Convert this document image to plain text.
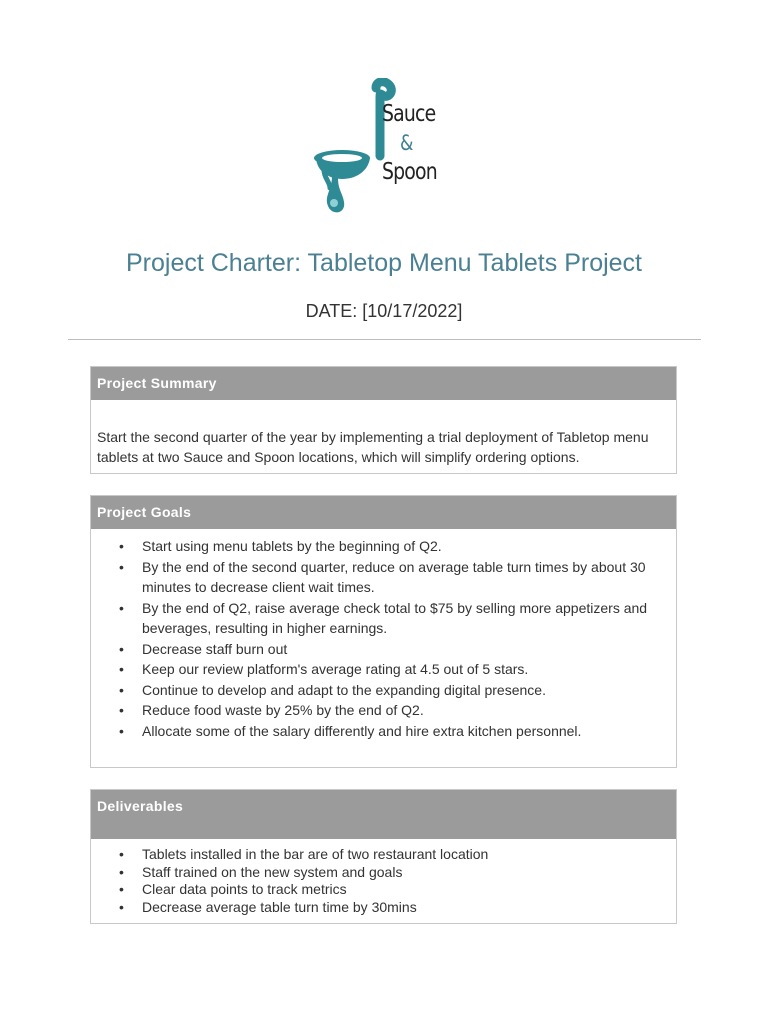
Sauce
&
Spoon
Project Charter: Tabletop Menu Tablets Project
DATE: [10/17/2022]
Project Summary
Start the second quarter of the year by implementing a trial deployment of Tabletop menu tablets at two Sauce and Spoon locations, which will simplify ordering options.
Project Goals
• Start using menu tablets by the beginning of Q2.
• By the end of the second quarter, reduce on average table turn times by about 30 minutes to decrease client wait times.
• By the end of Q2, raise average check total to $75 by selling more appetizers and beverages, resulting in higher earnings.
• Decrease staff burn out
• Keep our review platform's average rating at 4.5 out of 5 stars.
• Continue to develop and adapt to the expanding digital presence.
• Reduce food waste by 25% by the end of Q2.
• Allocate some of the salary differently and hire extra kitchen personnel.
Deliverables
• Tablets installed in the bar are of two restaurant location
• Staff trained on the new system and goals
• Clear data points to track metrics
• Decrease average table turn time by 30mins
